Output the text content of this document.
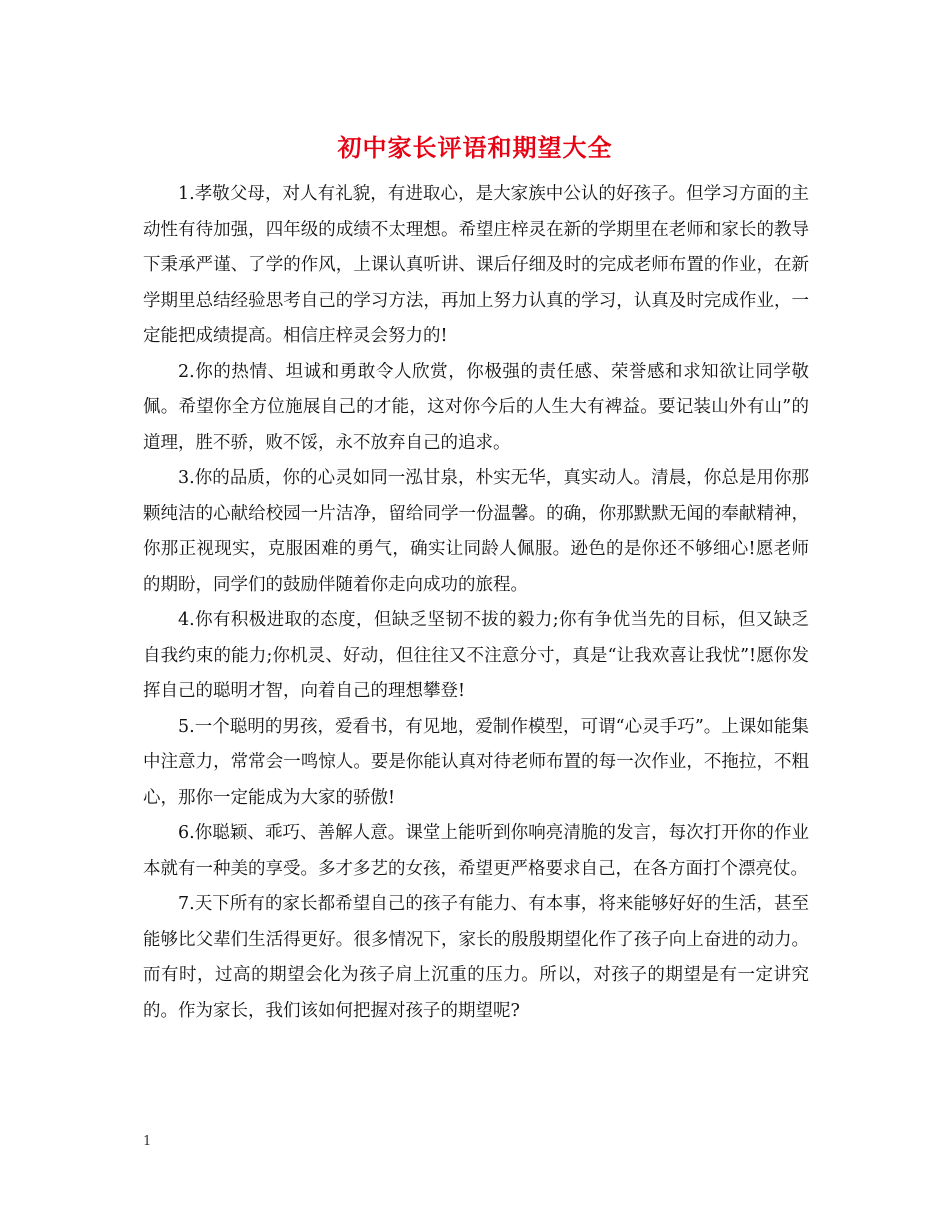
初中家长评语和期望大全

1.孝敬父母，对人有礼貌，有进取心，是大家族中公认的好孩子。但学习方面的主动性有待加强，四年级的成绩不太理想。希望庄梓灵在新的学期里在老师和家长的教导下秉承严谨、了学的作风，上课认真听讲、课后仔细及时的完成老师布置的作业，在新学期里总结经验思考自己的学习方法，再加上努力认真的学习，认真及时完成作业，一定能把成绩提高。相信庄梓灵会努力的!

2.你的热情、坦诚和勇敢令人欣赏，你极强的责任感、荣誉感和求知欲让同学敬佩。希望你全方位施展自己的才能，这对你今后的人生大有裨益。要记装山外有山”的道理，胜不骄，败不馁，永不放弃自己的追求。

3.你的品质，你的心灵如同一泓甘泉，朴实无华，真实动人。清晨，你总是用你那颗纯洁的心献给校园一片洁净，留给同学一份温馨。的确，你那默默无闻的奉献精神，你那正视现实，克服困难的勇气，确实让同龄人佩服。逊色的是你还不够细心!愿老师的期盼，同学们的鼓励伴随着你走向成功的旅程。

4.你有积极进取的态度，但缺乏坚韧不拔的毅力;你有争优当先的目标，但又缺乏自我约束的能力;你机灵、好动，但往往又不注意分寸，真是“让我欢喜让我忧”!愿你发挥自己的聪明才智，向着自己的理想攀登!

5.一个聪明的男孩，爱看书，有见地，爱制作模型，可谓“心灵手巧”。上课如能集中注意力，常常会一鸣惊人。要是你能认真对待老师布置的每一次作业，不拖拉，不粗心，那你一定能成为大家的骄傲!

6.你聪颖、乖巧、善解人意。课堂上能听到你响亮清脆的发言，每次打开你的作业本就有一种美的享受。多才多艺的女孩，希望更严格要求自己，在各方面打个漂亮仗。

7.天下所有的家长都希望自己的孩子有能力、有本事，将来能够好好的生活，甚至能够比父辈们生活得更好。很多情况下，家长的殷殷期望化作了孩子向上奋进的动力。而有时，过高的期望会化为孩子肩上沉重的压力。所以，对孩子的期望是有一定讲究的。作为家长，我们该如何把握对孩子的期望呢?

1
